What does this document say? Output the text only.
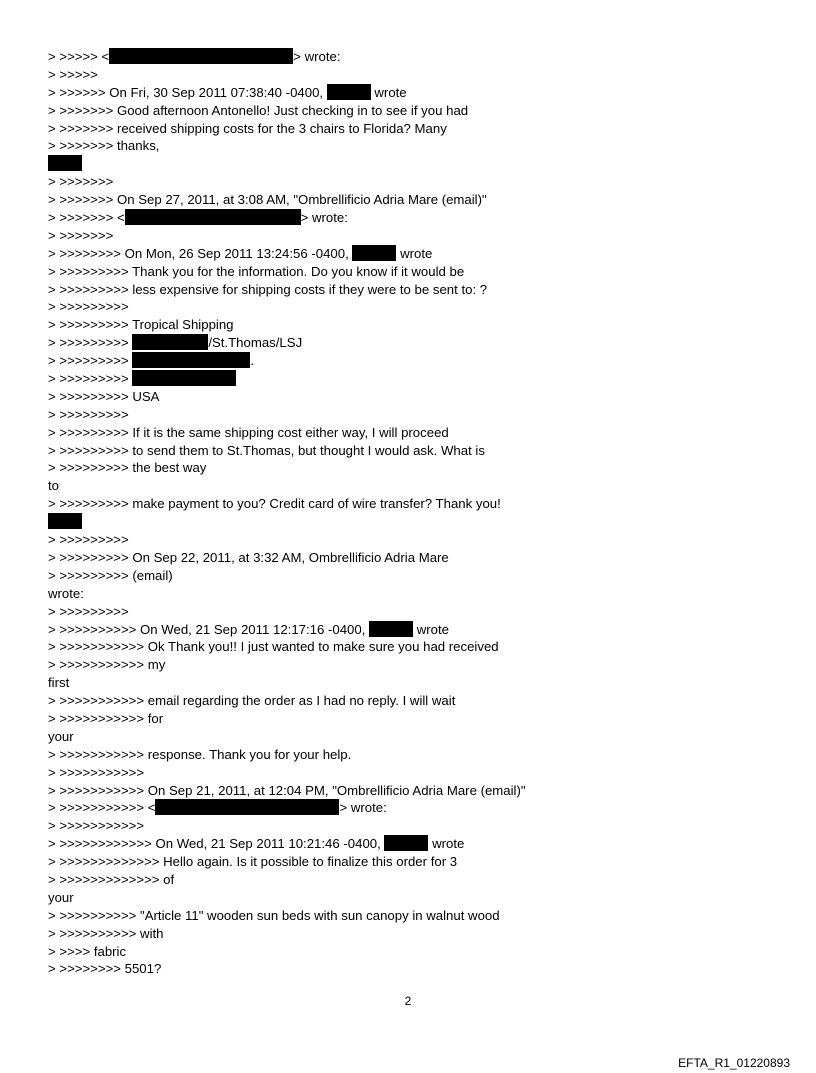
> >>>>> <	> wrote:
> >>>>>
> >>>>>> On Fri, 30 Sep 2011 07:38:40 -0400,	wrote
> >>>>>>> Good afternoon Antonello! Just checking in to see if you had
> >>>>>>> received shipping costs for the 3 chairs to Florida? Many
> >>>>>>> thanks,
> >>>>>>>
> >>>>>>> On Sep 27, 2011, at 3:08 AM, "Ombrellificio Adria Mare (email)"
> >>>>>>> <	> wrote:
> >>>>>>>
> >>>>>>>> On Mon, 26 Sep 2011 13:24:56 -0400,	wrote
> >>>>>>>>> Thank you for the information. Do you know if it would be
> >>>>>>>>> less expensive for shipping costs if they were to be sent to: ?
> >>>>>>>>>
> >>>>>>>>> Tropical Shipping
> >>>>>>>>>	/St.Thomas/LSJ
> >>>>>>>>>	.
> >>>>>>>>>
> >>>>>>>>> USA
> >>>>>>>>>
> >>>>>>>>> If it is the same shipping cost either way, I will proceed
> >>>>>>>>> to send them to St.Thomas, but thought I would ask. What is
> >>>>>>>>> the best way
to
> >>>>>>>>> make payment to you? Credit card of wire transfer? Thank you!
> >>>>>>>>>
> >>>>>>>>> On Sep 22, 2011, at 3:32 AM, Ombrellificio Adria Mare
> >>>>>>>>> (email)
wrote:
> >>>>>>>>>
> >>>>>>>>>> On Wed, 21 Sep 2011 12:17:16 -0400,	wrote
> >>>>>>>>>>> Ok Thank you!! I just wanted to make sure you had received
> >>>>>>>>>>> my
first
> >>>>>>>>>>> email regarding the order as I had no reply. I will wait
> >>>>>>>>>>> for
your
> >>>>>>>>>>> response. Thank you for your help.
> >>>>>>>>>>>
> >>>>>>>>>>> On Sep 21, 2011, at 12:04 PM, "Ombrellificio Adria Mare (email)"
> >>>>>>>>>>> <	> wrote:
> >>>>>>>>>>>
> >>>>>>>>>>>> On Wed, 21 Sep 2011 10:21:46 -0400,	wrote
> >>>>>>>>>>>>> Hello again. Is it possible to finalize this order for 3
> >>>>>>>>>>>>> of
your
> >>>>>>>>>> "Article 11" wooden sun beds with sun canopy in walnut wood
> >>>>>>>>>> with
> >>>> fabric
> >>>>>>>> 5501?
2
EFTA_R1_01220893
